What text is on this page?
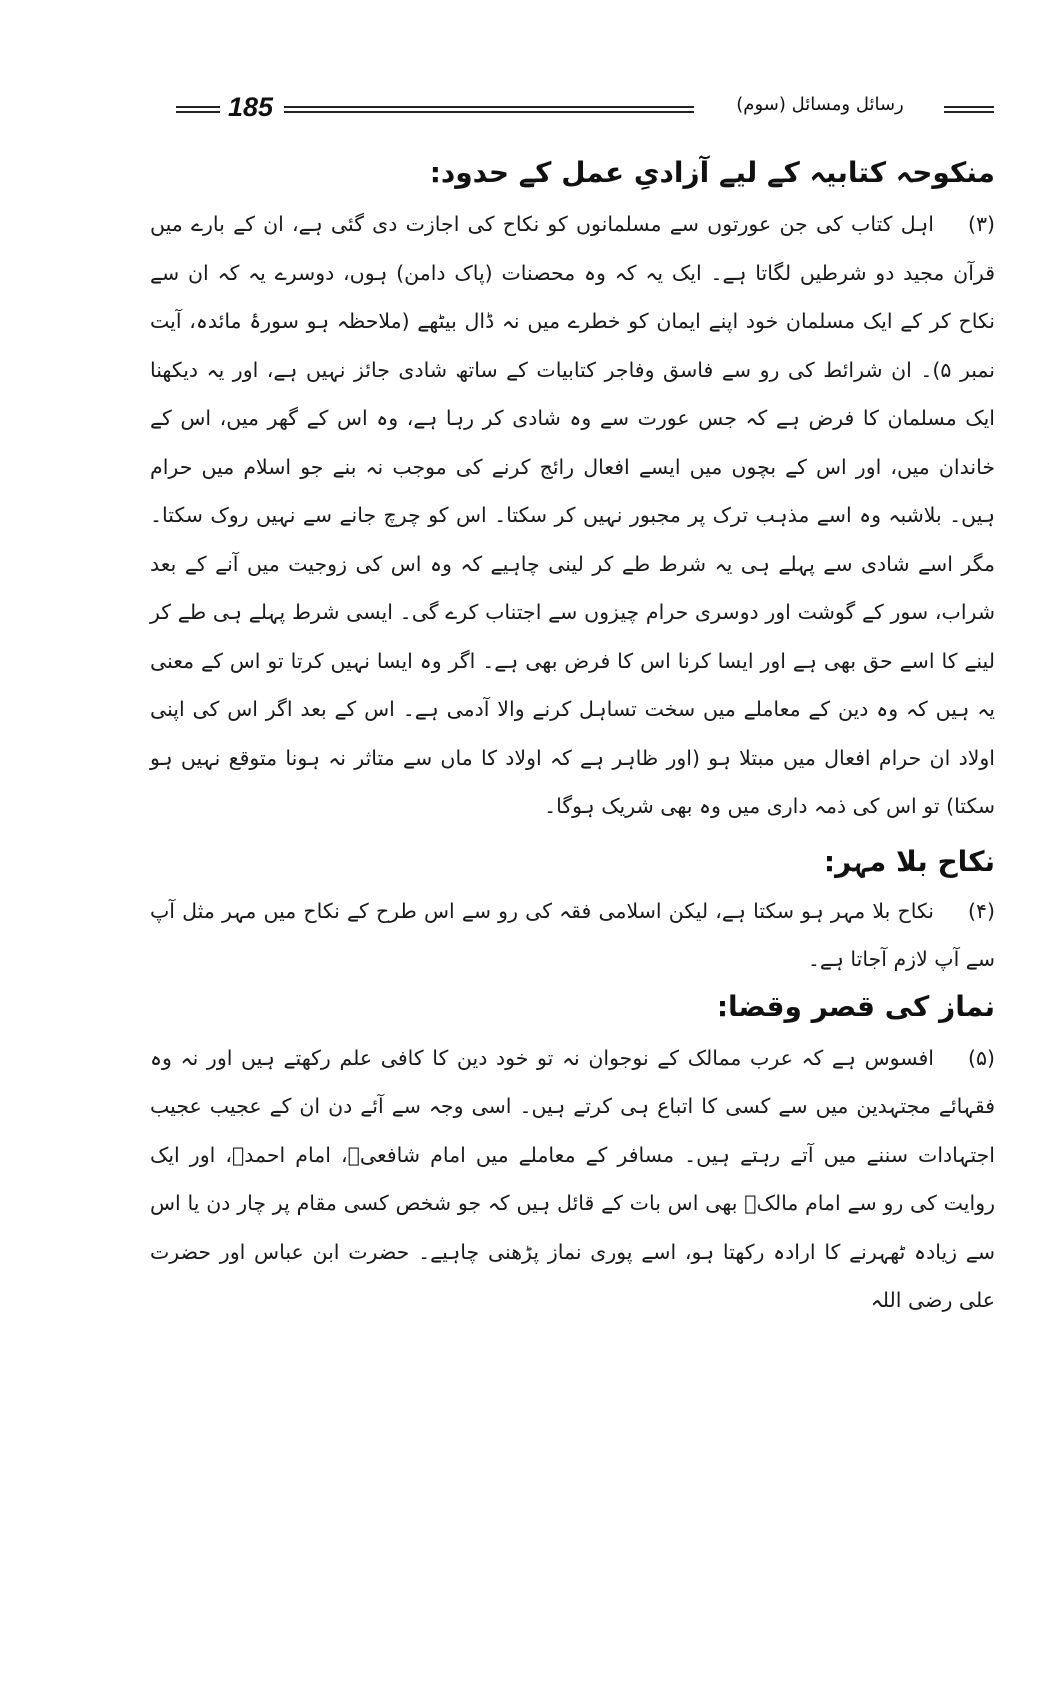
185	رسائل ومسائل (سوم)
منکوحہ کتابیہ کے لیے آزادیِ عمل کے حدود:

(۳)اہل کتاب کی جن عورتوں سے مسلمانوں کو نکاح کی اجازت دی گئی ہے، ان کے بارے میں قرآن مجید دو شرطیں لگاتا ہے۔ ایک یہ کہ وہ محصنات (پاک دامن) ہوں، دوسرے یہ کہ ان سے نکاح کر کے ایک مسلمان خود اپنے ایمان کو خطرے میں نہ ڈال بیٹھے (ملاحظہ ہو سورۂ مائدہ، آیت نمبر ۵)۔ ان شرائط کی رو سے فاسق وفاجر کتابیات کے ساتھ شادی جائز نہیں ہے، اور یہ دیکھنا ایک مسلمان کا فرض ہے کہ جس عورت سے وہ شادی کر رہا ہے، وہ اس کے گھر میں، اس کے خاندان میں، اور اس کے بچوں میں ایسے افعال رائج کرنے کی موجب نہ بنے جو اسلام میں حرام ہیں۔ بلاشبہ وہ اسے مذہب ترک پر مجبور نہیں کر سکتا۔ اس کو چرچ جانے سے نہیں روک سکتا۔ مگر اسے شادی سے پہلے ہی یہ شرط طے کر لینی چاہیے کہ وہ اس کی زوجیت میں آنے کے بعد شراب، سور کے گوشت اور دوسری حرام چیزوں سے اجتناب کرے گی۔ ایسی شرط پہلے ہی طے کر لینے کا اسے حق بھی ہے اور ایسا کرنا اس کا فرض بھی ہے۔ اگر وہ ایسا نہیں کرتا تو اس کے معنی یہ ہیں کہ وہ دین کے معاملے میں سخت تساہل کرنے والا آدمی ہے۔ اس کے بعد اگر اس کی اپنی اولاد ان حرام افعال میں مبتلا ہو (اور ظاہر ہے کہ اولاد کا ماں سے متاثر نہ ہونا متوقع نہیں ہو سکتا) تو اس کی ذمہ داری میں وہ بھی شریک ہوگا۔

نکاح بلا مہر:

(۴)نکاح بلا مہر ہو سکتا ہے، لیکن اسلامی فقہ کی رو سے اس طرح کے نکاح میں مہر مثل آپ سے آپ لازم آجاتا ہے۔

نماز کی قصر وقضا:

(۵)افسوس ہے کہ عرب ممالک کے نوجوان نہ تو خود دین کا کافی علم رکھتے ہیں اور نہ وہ فقہائے مجتہدین میں سے کسی کا اتباع ہی کرتے ہیں۔ اسی وجہ سے آئے دن ان کے عجیب عجیب اجتہادات سننے میں آتے رہتے ہیں۔ مسافر کے معاملے میں امام شافعیؒ، امام احمدؒ، اور ایک روایت کی رو سے امام مالکؒ بھی اس بات کے قائل ہیں کہ جو شخص کسی مقام پر چار دن یا اس سے زیادہ ٹھہرنے کا ارادہ رکھتا ہو، اسے پوری نماز پڑھنی چاہیے۔ حضرت ابن عباس اور حضرت علی رضی اللہ
